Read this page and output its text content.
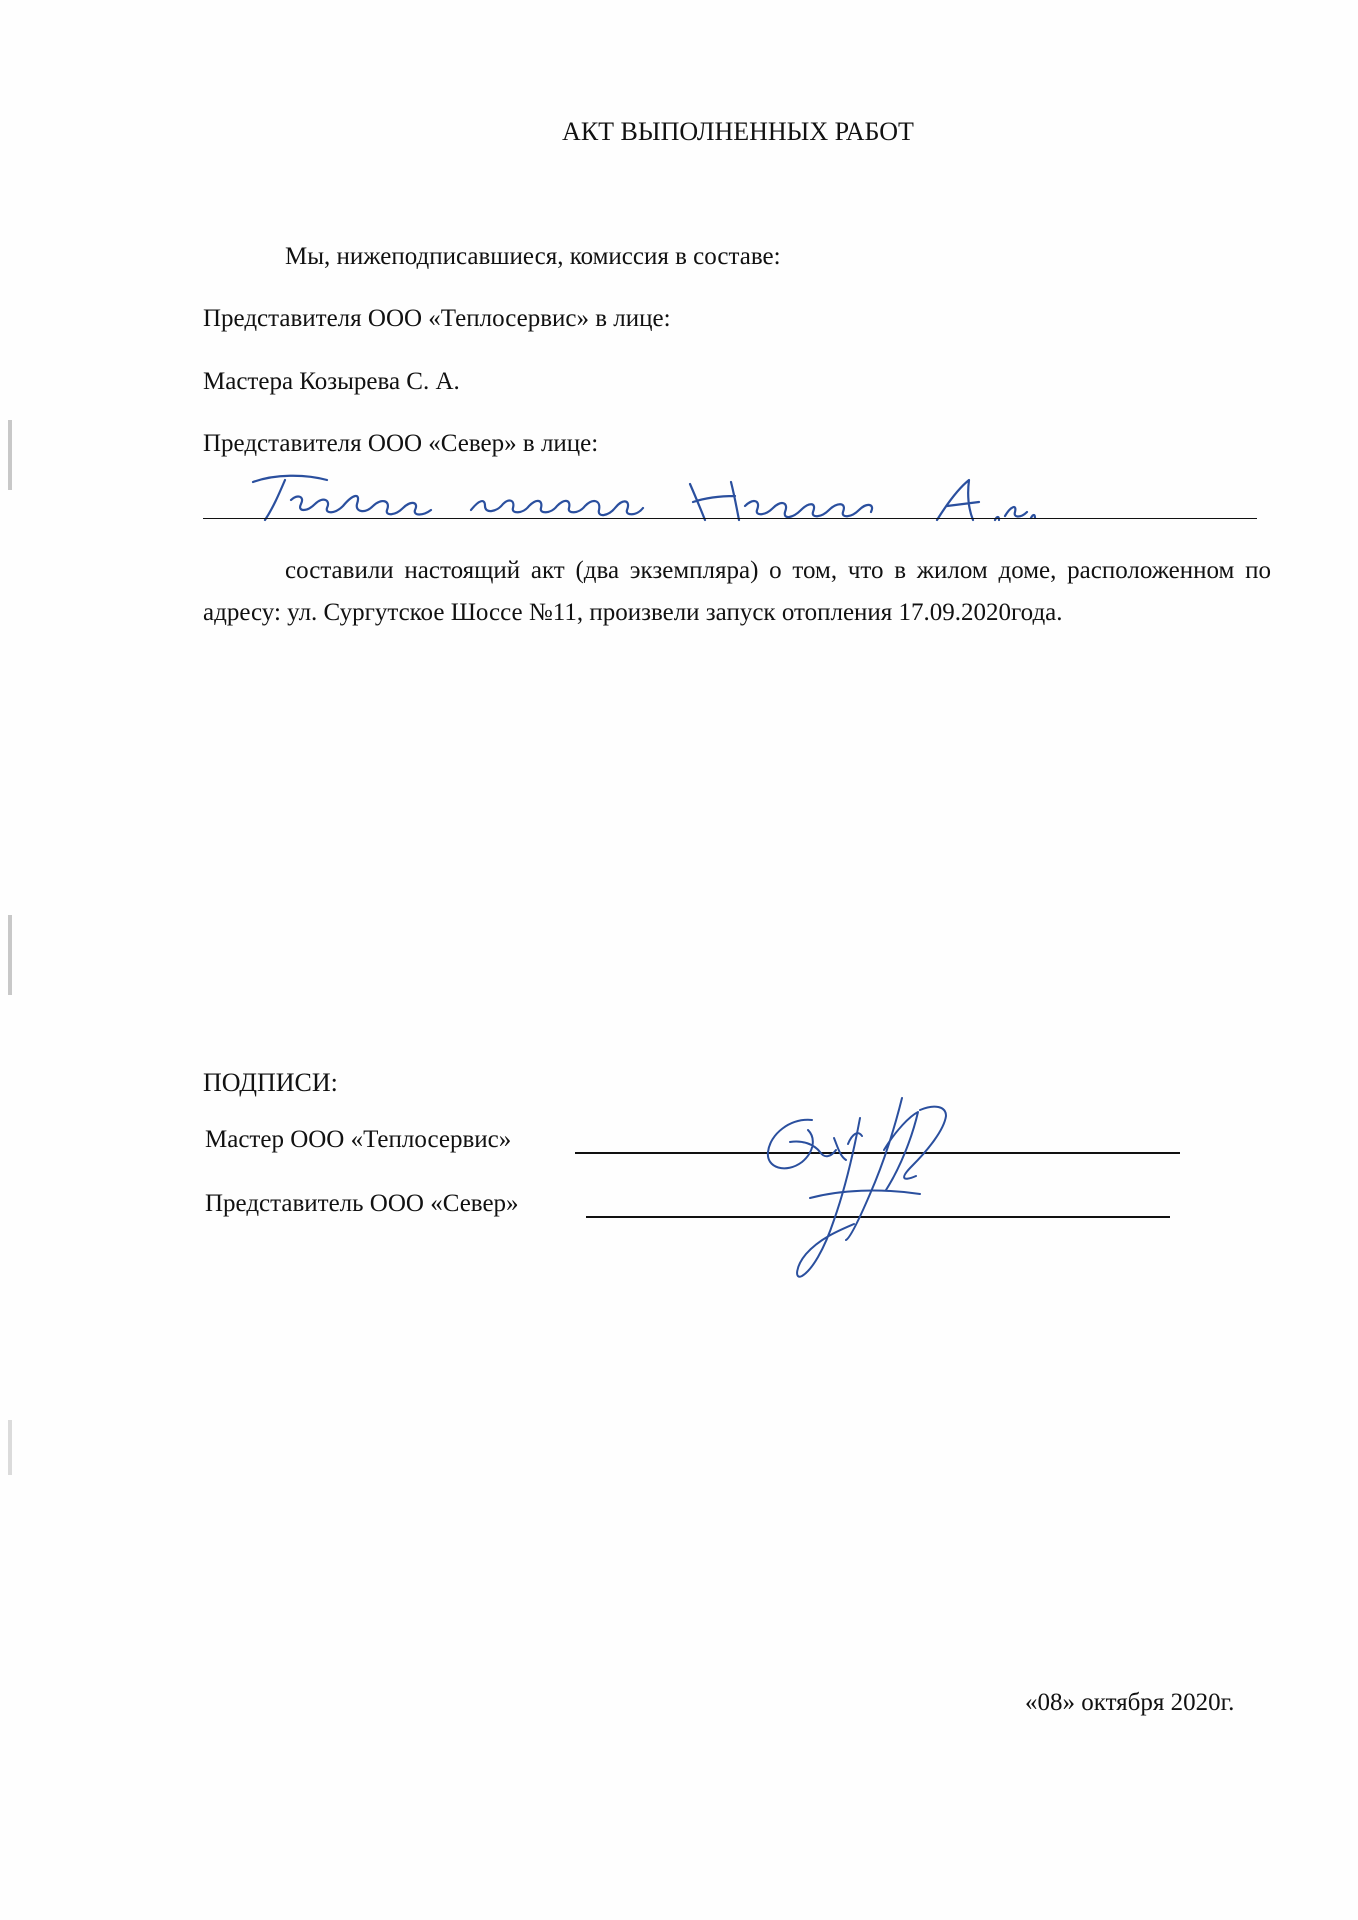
АКТ ВЫПОЛНЕННЫХ РАБОТ
Мы, нижеподписавшиеся, комиссия в составе:
Представителя ООО «Теплосервис» в лице:
Мастера Козырева С. А.
Представителя ООО «Север» в лице:
составили настоящий акт (два экземпляра) о том, что в жилом доме, расположенном по адресу: ул. Сургутское Шоссе №11, произвели запуск отопления 17.09.2020года.
ПОДПИСИ:
Мастер ООО «Теплосервис»
Представитель ООО «Север»
«08» октября 2020г.
